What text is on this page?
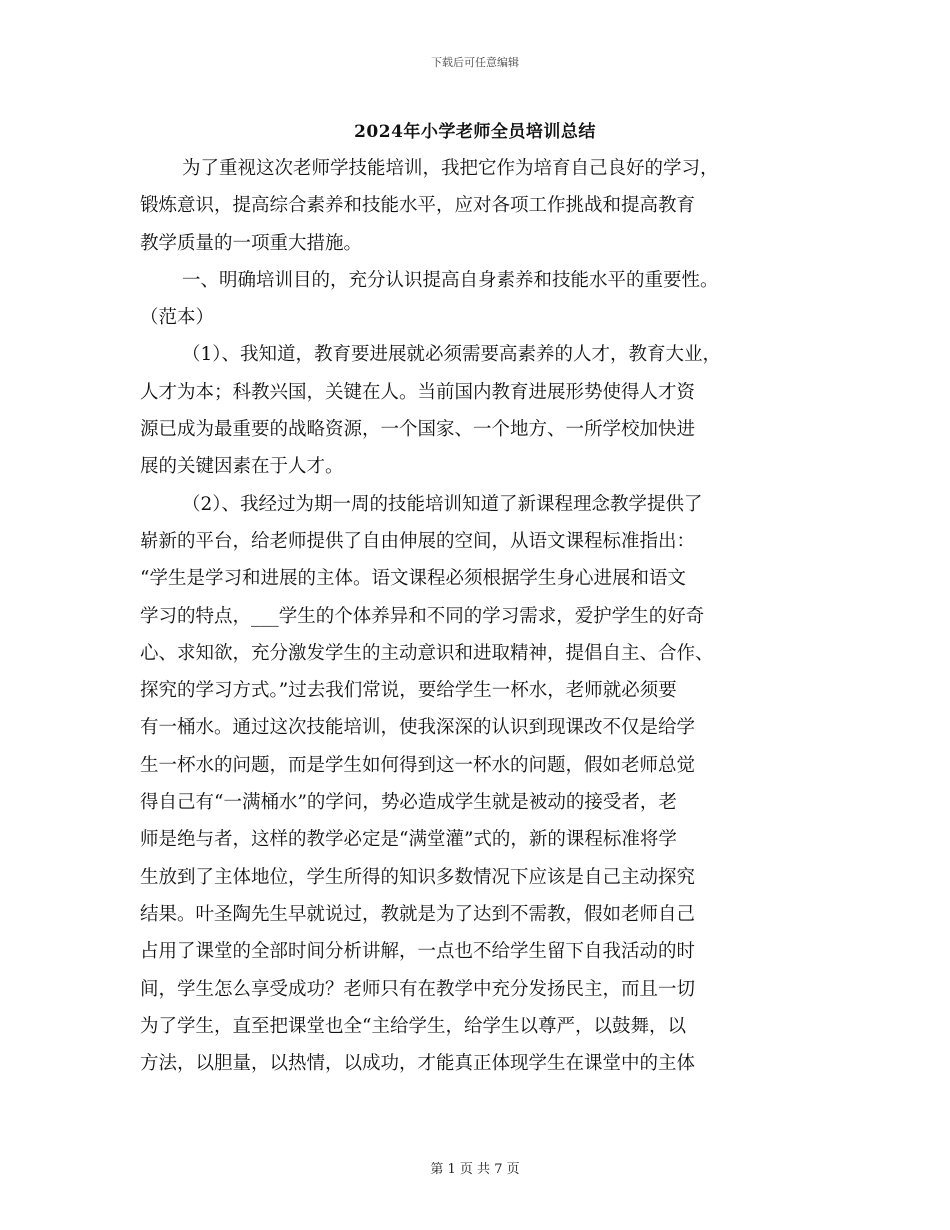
下载后可任意编辑
2024年小学老师全员培训总结
为了重视这次老师学技能培训，我把它作为培育自己良好的学习，
锻炼意识，提高综合素养和技能水平，应对各项工作挑战和提高教育
教学质量的一项重大措施。
一、明确培训目的，充分认识提高自身素养和技能水平的重要性。
（范本）
（1）、我知道，教育要进展就必须需要高素养的人才，教育大业，
人才为本；科教兴国，关键在人。当前国内教育进展形势使得人才资
源已成为最重要的战略资源，一个国家、一个地方、一所学校加快进
展的关键因素在于人才。
（2）、我经过为期一周的技能培训知道了新课程理念教学提供了
崭新的平台，给老师提供了自由伸展的空间，从语文课程标准指出：
“学生是学习和进展的主体。语文课程必须根据学生身心进展和语文
学习的特点，___学生的个体养异和不同的学习需求，爱护学生的好奇
心、求知欲，充分激发学生的主动意识和进取精神，提倡自主、合作、
探究的学习方式。”过去我们常说，要给学生一杯水，老师就必须要
有一桶水。通过这次技能培训，使我深深的认识到现课改不仅是给学
生一杯水的问题，而是学生如何得到这一杯水的问题，假如老师总觉
得自己有“一满桶水”的学问，势必造成学生就是被动的接受者，老
师是绝与者，这样的教学必定是“满堂灌”式的，新的课程标准将学
生放到了主体地位，学生所得的知识多数情况下应该是自己主动探究
结果。叶圣陶先生早就说过，教就是为了达到不需教，假如老师自己
占用了课堂的全部时间分析讲解，一点也不给学生留下自我活动的时
间，学生怎么享受成功？老师只有在教学中充分发扬民主，而且一切
为了学生，直至把课堂也全“主给学生，给学生以尊严，以鼓舞，以
方法，以胆量，以热情，以成功，才能真正体现学生在课堂中的主体
第 1 页 共 7 页
